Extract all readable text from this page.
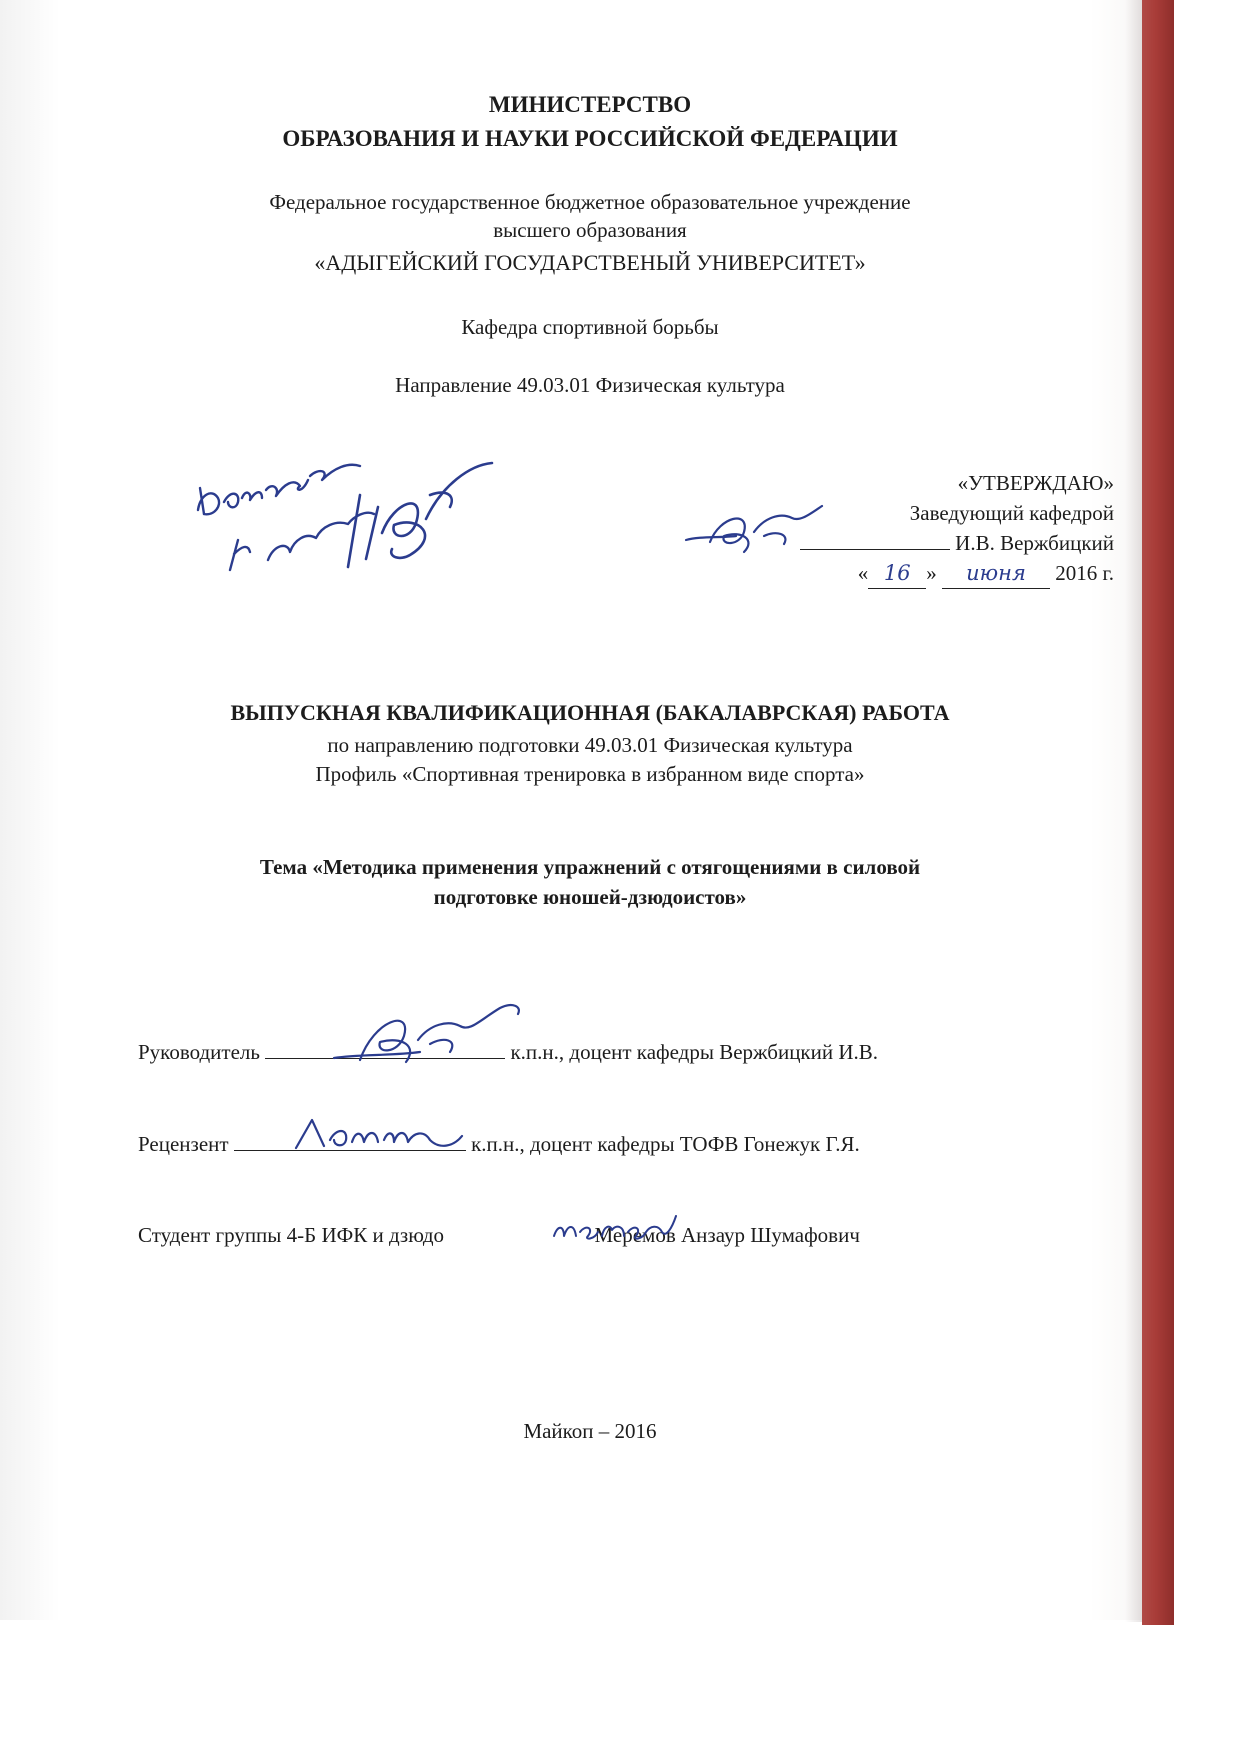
МИНИСТЕРСТВО
ОБРАЗОВАНИЯ И НАУКИ РОССИЙСКОЙ ФЕДЕРАЦИИ
Федеральное государственное бюджетное образовательное учреждение
высшего образования
«АДЫГЕЙСКИЙ ГОСУДАРСТВЕНЫЙ УНИВЕРСИТЕТ»
Кафедра спортивной борьбы
Направление 49.03.01 Физическая культура
«УТВЕРЖДАЮ»
Заведующий кафедрой
И.В. Вержбицкий
« 16 » июня 2016 г.
ВЫПУСКНАЯ КВАЛИФИКАЦИОННАЯ (БАКАЛАВРСКАЯ) РАБОТА
по направлению подготовки 49.03.01 Физическая культура
Профиль «Спортивная тренировка в избранном виде спорта»
Тема «Методика применения упражнений с отягощениями в силовой
подготовке юношей-дзюдоистов»
Руководитель	к.п.н., доцент кафедры Вержбицкий И.В.
Рецензент	к.п.н., доцент кафедры ТОФВ Гонежук Г.Я.
Студент группы 4-Б ИФК и дзюдо	Меремов Анзаур Шумафович
Майкоп – 2016
